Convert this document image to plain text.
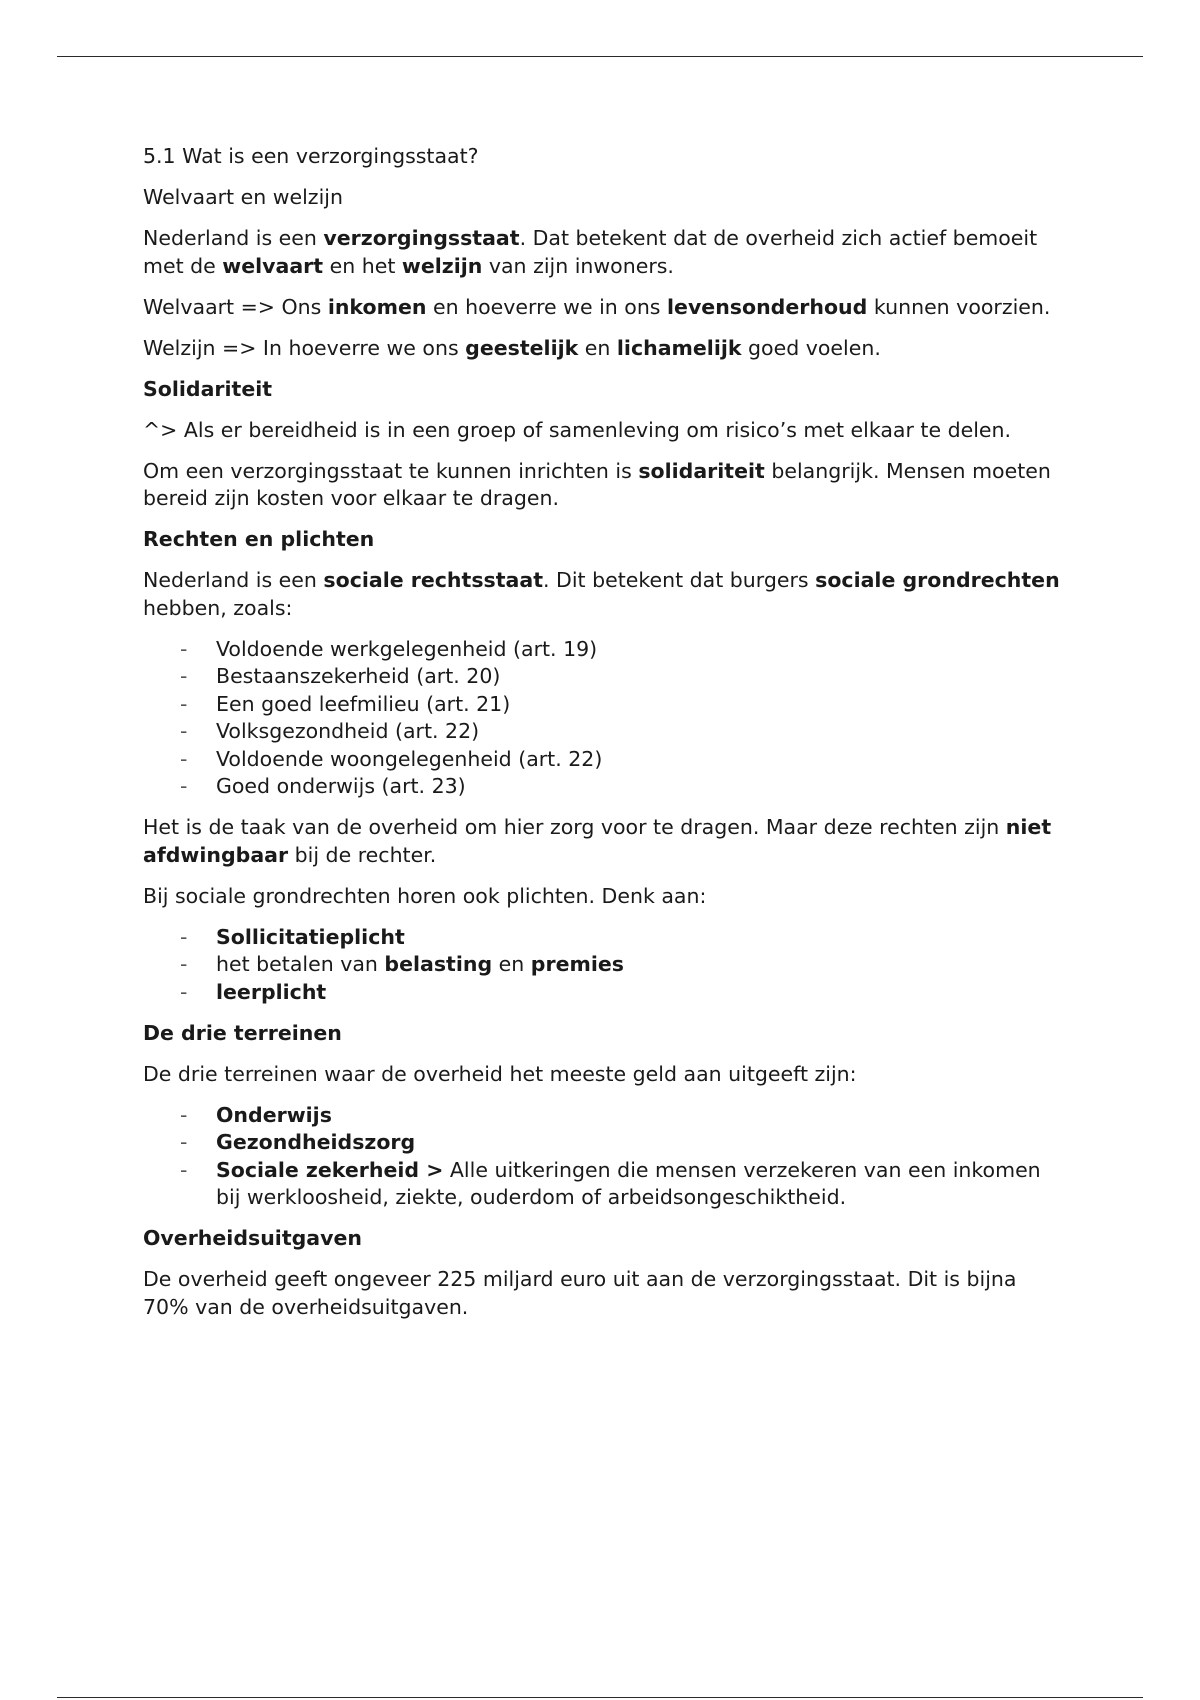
5.1 Wat is een verzorgingsstaat?

Welvaart en welzijn

Nederland is een verzorgingsstaat. Dat betekent dat de overheid zich actief bemoeit met de welvaart en het welzijn van zijn inwoners.

Welvaart => Ons inkomen en hoeverre we in ons levensonderhoud kunnen voorzien.

Welzijn => In hoeverre we ons geestelijk en lichamelijk goed voelen.

Solidariteit

^> Als er bereidheid is in een groep of samenleving om risico’s met elkaar te delen.

Om een verzorgingsstaat te kunnen inrichten is solidariteit belangrijk. Mensen moeten bereid zijn kosten voor elkaar te dragen.

Rechten en plichten

Nederland is een sociale rechtsstaat. Dit betekent dat burgers sociale grondrechten hebben, zoals:

- Voldoende werkgelegenheid (art. 19)
- Bestaanszekerheid (art. 20)
- Een goed leefmilieu (art. 21)
- Volksgezondheid (art. 22)
- Voldoende woongelegenheid (art. 22)
- Goed onderwijs (art. 23)

Het is de taak van de overheid om hier zorg voor te dragen. Maar deze rechten zijn niet afdwingbaar bij de rechter.

Bij sociale grondrechten horen ook plichten. Denk aan:

- Sollicitatieplicht
- het betalen van belasting en premies
- leerplicht

De drie terreinen

De drie terreinen waar de overheid het meeste geld aan uitgeeft zijn:

- Onderwijs
- Gezondheidszorg
- Sociale zekerheid > Alle uitkeringen die mensen verzekeren van een inkomen bij werkloosheid, ziekte, ouderdom of arbeidsongeschiktheid.

Overheidsuitgaven

De overheid geeft ongeveer 225 miljard euro uit aan de verzorgingsstaat. Dit is bijna 70% van de overheidsuitgaven.
